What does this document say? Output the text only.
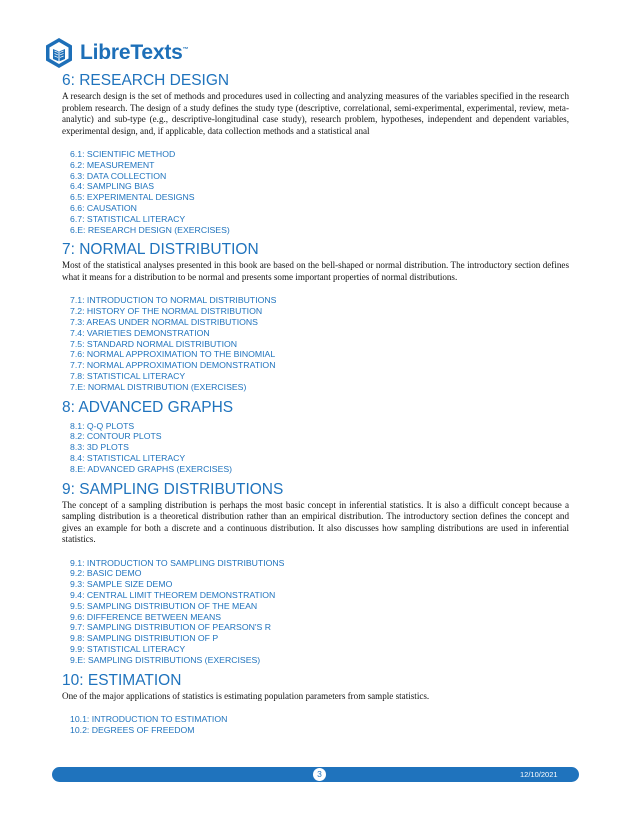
LibreTexts™
6: RESEARCH DESIGN

A research design is the set of methods and procedures used in collecting and analyzing measures of the variables specified in the research problem research. The design of a study defines the study type (descriptive, correlational, semi-experimental, experimental, review, meta-analytic) and sub-type (e.g., descriptive-longitudinal case study), research problem, hypotheses, independent and dependent variables, experimental design, and, if applicable, data collection methods and a statistical anal

6.1: SCIENTIFIC METHOD
6.2: MEASUREMENT
6.3: DATA COLLECTION
6.4: SAMPLING BIAS
6.5: EXPERIMENTAL DESIGNS
6.6: CAUSATION
6.7: STATISTICAL LITERACY
6.E: RESEARCH DESIGN (EXERCISES)
7: NORMAL DISTRIBUTION

Most of the statistical analyses presented in this book are based on the bell-shaped or normal distribution. The introductory section defines what it means for a distribution to be normal and presents some important properties of normal distributions.

7.1: INTRODUCTION TO NORMAL DISTRIBUTIONS
7.2: HISTORY OF THE NORMAL DISTRIBUTION
7.3: AREAS UNDER NORMAL DISTRIBUTIONS
7.4: VARIETIES DEMONSTRATION
7.5: STANDARD NORMAL DISTRIBUTION
7.6: NORMAL APPROXIMATION TO THE BINOMIAL
7.7: NORMAL APPROXIMATION DEMONSTRATION
7.8: STATISTICAL LITERACY
7.E: NORMAL DISTRIBUTION (EXERCISES)
8: ADVANCED GRAPHS
8.1: Q-Q PLOTS
8.2: CONTOUR PLOTS
8.3: 3D PLOTS
8.4: STATISTICAL LITERACY
8.E: ADVANCED GRAPHS (EXERCISES)
9: SAMPLING DISTRIBUTIONS

The concept of a sampling distribution is perhaps the most basic concept in inferential statistics. It is also a difficult concept because a sampling distribution is a theoretical distribution rather than an empirical distribution. The introductory section defines the concept and gives an example for both a discrete and a continuous distribution. It also discusses how sampling distributions are used in inferential statistics.

9.1: INTRODUCTION TO SAMPLING DISTRIBUTIONS
9.2: BASIC DEMO
9.3: SAMPLE SIZE DEMO
9.4: CENTRAL LIMIT THEOREM DEMONSTRATION
9.5: SAMPLING DISTRIBUTION OF THE MEAN
9.6: DIFFERENCE BETWEEN MEANS
9.7: SAMPLING DISTRIBUTION OF PEARSON'S R
9.8: SAMPLING DISTRIBUTION OF P
9.9: STATISTICAL LITERACY
9.E: SAMPLING DISTRIBUTIONS (EXERCISES)
10: ESTIMATION

One of the major applications of statistics is estimating population parameters from sample statistics.

10.1: INTRODUCTION TO ESTIMATION
10.2: DEGREES OF FREEDOM
3	12/10/2021
